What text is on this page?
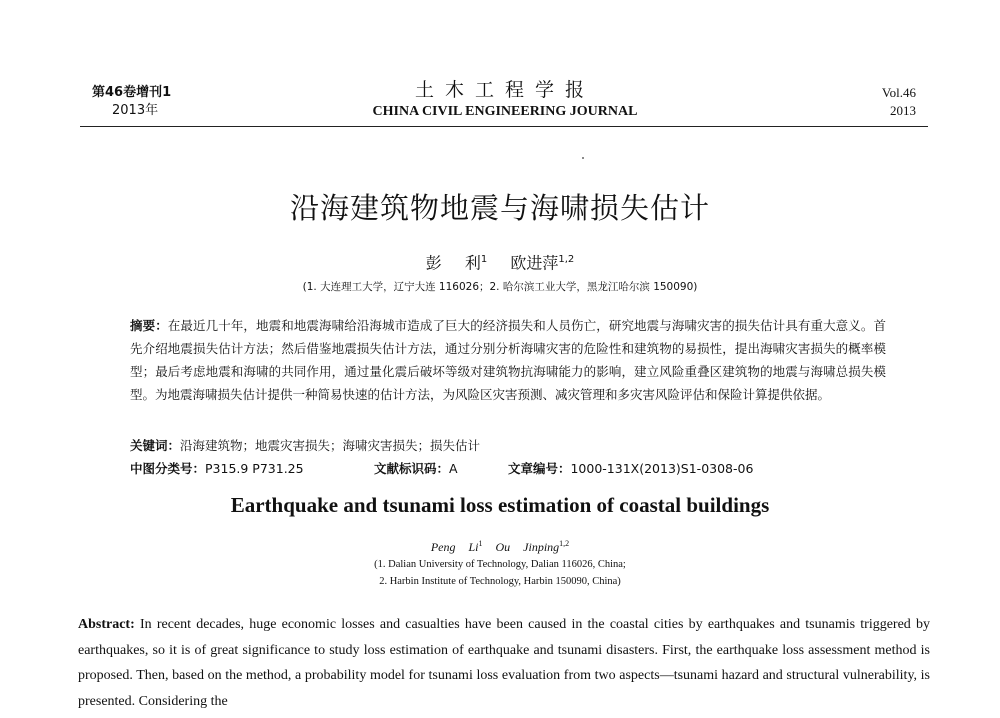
第46卷增刊1
2013年
土木工程学报
CHINA CIVIL ENGINEERING JOURNAL
Vol.46
2013
沿海建筑物地震与海啸损失估计
彭 利$^1$ 欧进萍$^{1,2}$
(1. 大连理工大学，辽宁大连 116026；2. 哈尔滨工业大学，黑龙江哈尔滨 150090)
摘要：在最近几十年，地震和地震海啸给沿海城市造成了巨大的经济损失和人员伤亡，研究地震与海啸灾害的损失估计具有重大意义。首先介绍地震损失估计方法；然后借鉴地震损失估计方法，通过分别分析海啸灾害的危险性和建筑物的易损性，提出海啸灾害损失的概率模型；最后考虑地震和海啸的共同作用，通过量化震后破坏等级对建筑物抗海啸能力的影响，建立风险重叠区建筑物的地震与海啸总损失模型。为地震海啸损失估计提供一种简易快速的估计方法，为风险区灾害预测、减灾管理和多灾害风险评估和保险计算提供依据。
关键词：沿海建筑物；地震灾害损失；海啸灾害损失；损失估计
中图分类号：P315.9 P731.25	文献标识码：A	文章编号：1000-131X(2013)S1-0308-06
Earthquake and tsunami loss estimation of coastal buildings
Peng Li$^1$ Ou Jinping$^{1,2}$
(1. Dalian University of Technology, Dalian 116026, China;
2. Harbin Institute of Technology, Harbin 150090, China)
Abstract: In recent decades, huge economic losses and casualties have been caused in the coastal cities by earthquakes and tsunamis triggered by earthquakes, so it is of great significance to study loss estimation of earthquake and tsunami disasters. First, the earthquake loss assessment method is proposed. Then, based on the method, a probability model for tsunami loss evaluation from two aspects—tsunami hazard and structural vulnerability, is presented. Considering the
